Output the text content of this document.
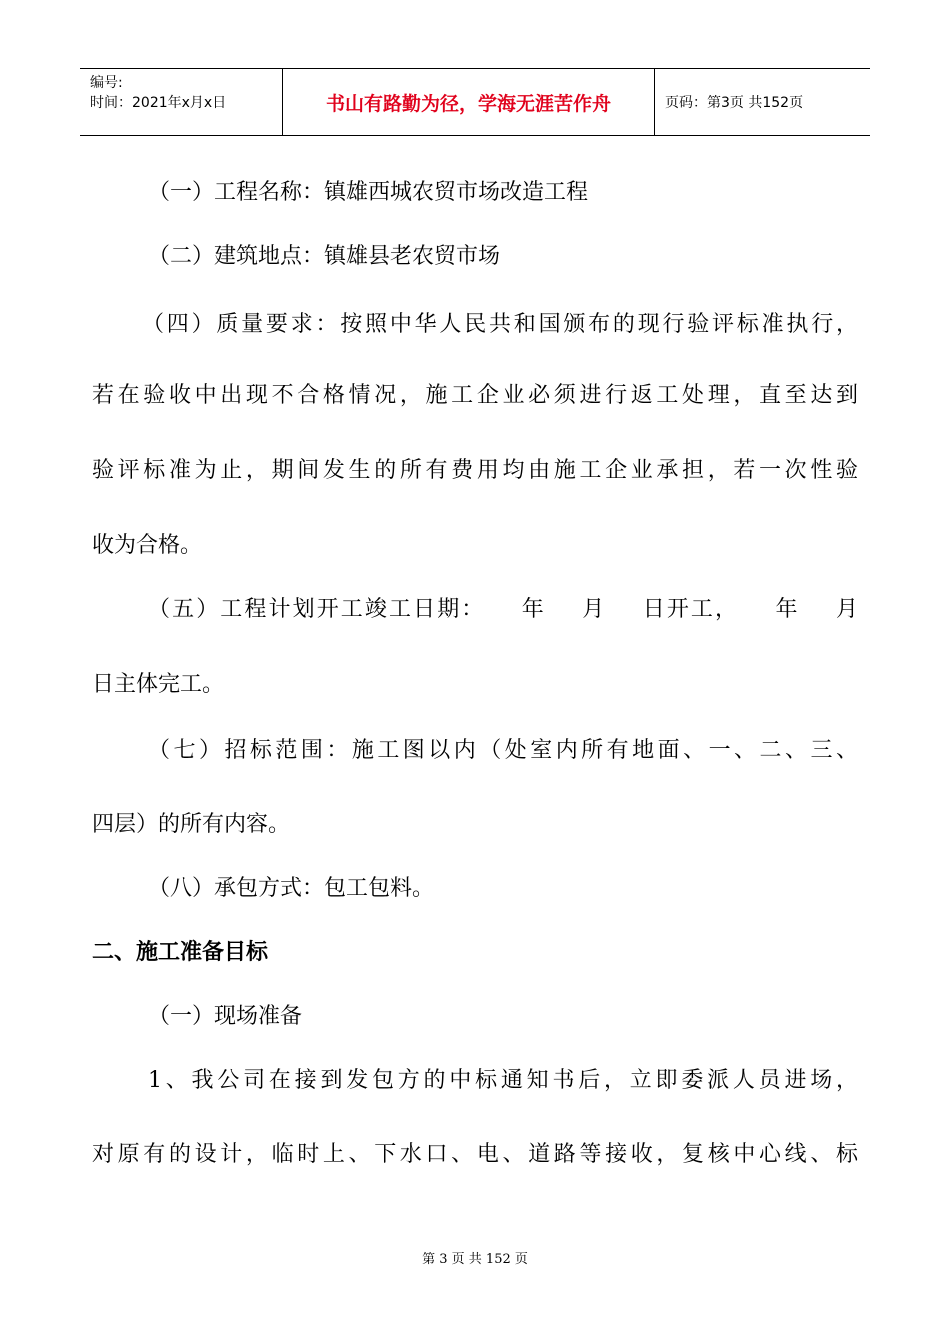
编号:
时间：2021年x月x日	书山有路勤为径，学海无涯苦作舟	页码：第3页 共152页
（一）工程名称：镇雄西城农贸市场改造工程
（二）建筑地点：镇雄县老农贸市场
（四）质量要求：按照中华人民共和国颁布的现行验评标准执行，
若在验收中出现不合格情况，施工企业必须进行返工处理，直至达到
验评标准为止，期间发生的所有费用均由施工企业承担，若一次性验
收为合格。
（五）工程计划开工竣工日期：    年    月    日开工，    年    月
日主体完工。
（七）招标范围：施工图以内（处室内所有地面、一、二、三、
四层）的所有内容。
（八）承包方式：包工包料。
二、施工准备目标
（一）现场准备
1、我公司在接到发包方的中标通知书后，立即委派人员进场，
对原有的设计，临时上、下水口、电、道路等接收，复核中心线、标
第 3 页 共 152 页
